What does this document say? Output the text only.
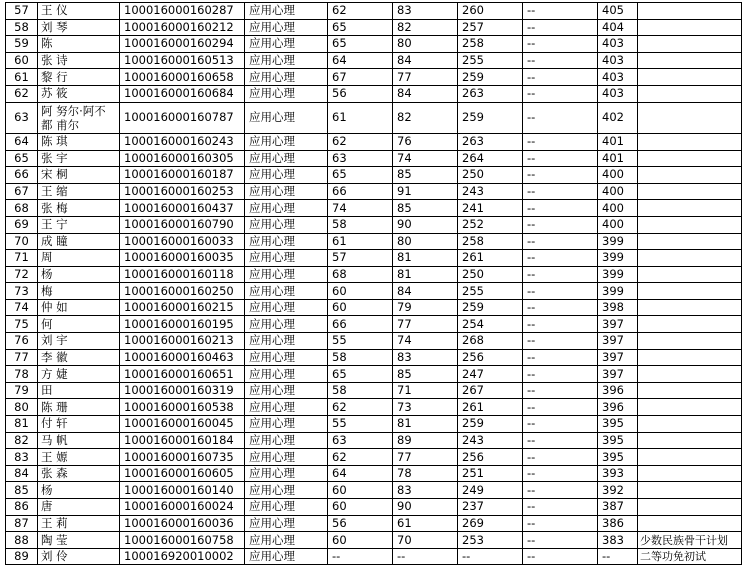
57	王 仪	100016000160287	应用心理	62	83	260	--	405	
58	刘 琴	100016000160212	应用心理	65	82	257	--	404	
59	陈	100016000160294	应用心理	65	80	258	--	403	
60	张 诗	100016000160513	应用心理	64	84	255	--	403	
61	黎 行	100016000160658	应用心理	67	77	259	--	403	
62	苏 筱	100016000160684	应用心理	56	84	263	--	403	
63	阿 努尔·阿不都 甫尔	100016000160787	应用心理	61	82	259	--	402	
64	陈 琪	100016000160243	应用心理	62	76	263	--	401	
65	张 宇	100016000160305	应用心理	63	74	264	--	401	
66	宋 桐	100016000160187	应用心理	65	85	250	--	400	
67	王 缩	100016000160253	应用心理	66	91	243	--	400	
68	张 梅	100016000160437	应用心理	74	85	241	--	400	
69	王 宁	100016000160790	应用心理	58	90	252	--	400	
70	成 瞳	100016000160033	应用心理	61	80	258	--	399	
71	周	100016000160035	应用心理	57	81	261	--	399	
72	杨	100016000160118	应用心理	68	81	250	--	399	
73	梅	100016000160250	应用心理	60	84	255	--	399	
74	仲 如	100016000160215	应用心理	60	79	259	--	398	
75	何	100016000160195	应用心理	66	77	254	--	397	
76	刘 宇	100016000160213	应用心理	55	74	268	--	397	
77	李 徽	100016000160463	应用心理	58	83	256	--	397	
78	方 婕	100016000160651	应用心理	65	85	247	--	397	
79	田	100016000160319	应用心理	58	71	267	--	396	
80	陈 珊	100016000160538	应用心理	62	73	261	--	396	
81	付 轩	100016000160045	应用心理	55	81	259	--	395	
82	马 帆	100016000160184	应用心理	63	89	243	--	395	
83	王 嫄	100016000160735	应用心理	62	77	256	--	395	
84	张 森	100016000160605	应用心理	64	78	251	--	393	
85	杨	100016000160140	应用心理	60	83	249	--	392	
86	唐	100016000160024	应用心理	60	90	237	--	387	
87	王 莉	100016000160036	应用心理	56	61	269	--	386	
88	陶 莹	100016000160758	应用心理	60	70	253	--	383	少数民族骨干计划
89	刘 伶	100016920010002	应用心理	--	--	--	--	--	二等功免初试
